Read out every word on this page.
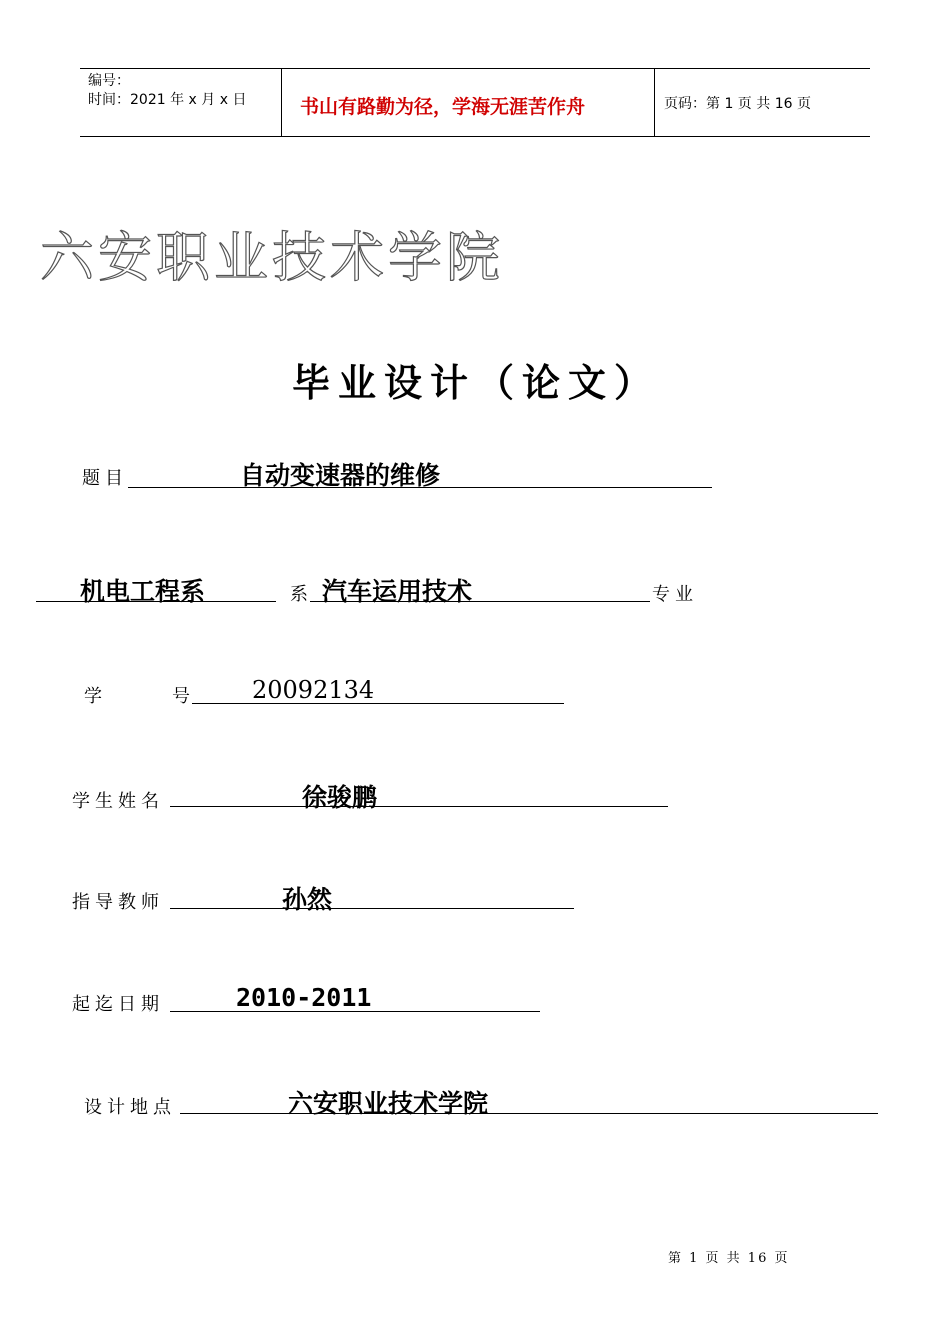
编号：
时间：2021 年 x 月 x 日	书山有路勤为径，学海无涯苦作舟	页码：第 1 页 共 16 页
六安职业技术学院
毕业设计（论文）
题目	自动变速器的维修
机电工程系	系 汽车运用技术	专业
学	号 20092134
学生姓名	徐骏鹏
指导教师	孙然
起迄日期	2010-2011
设计地点	六安职业技术学院
第 1 页 共 16 页
